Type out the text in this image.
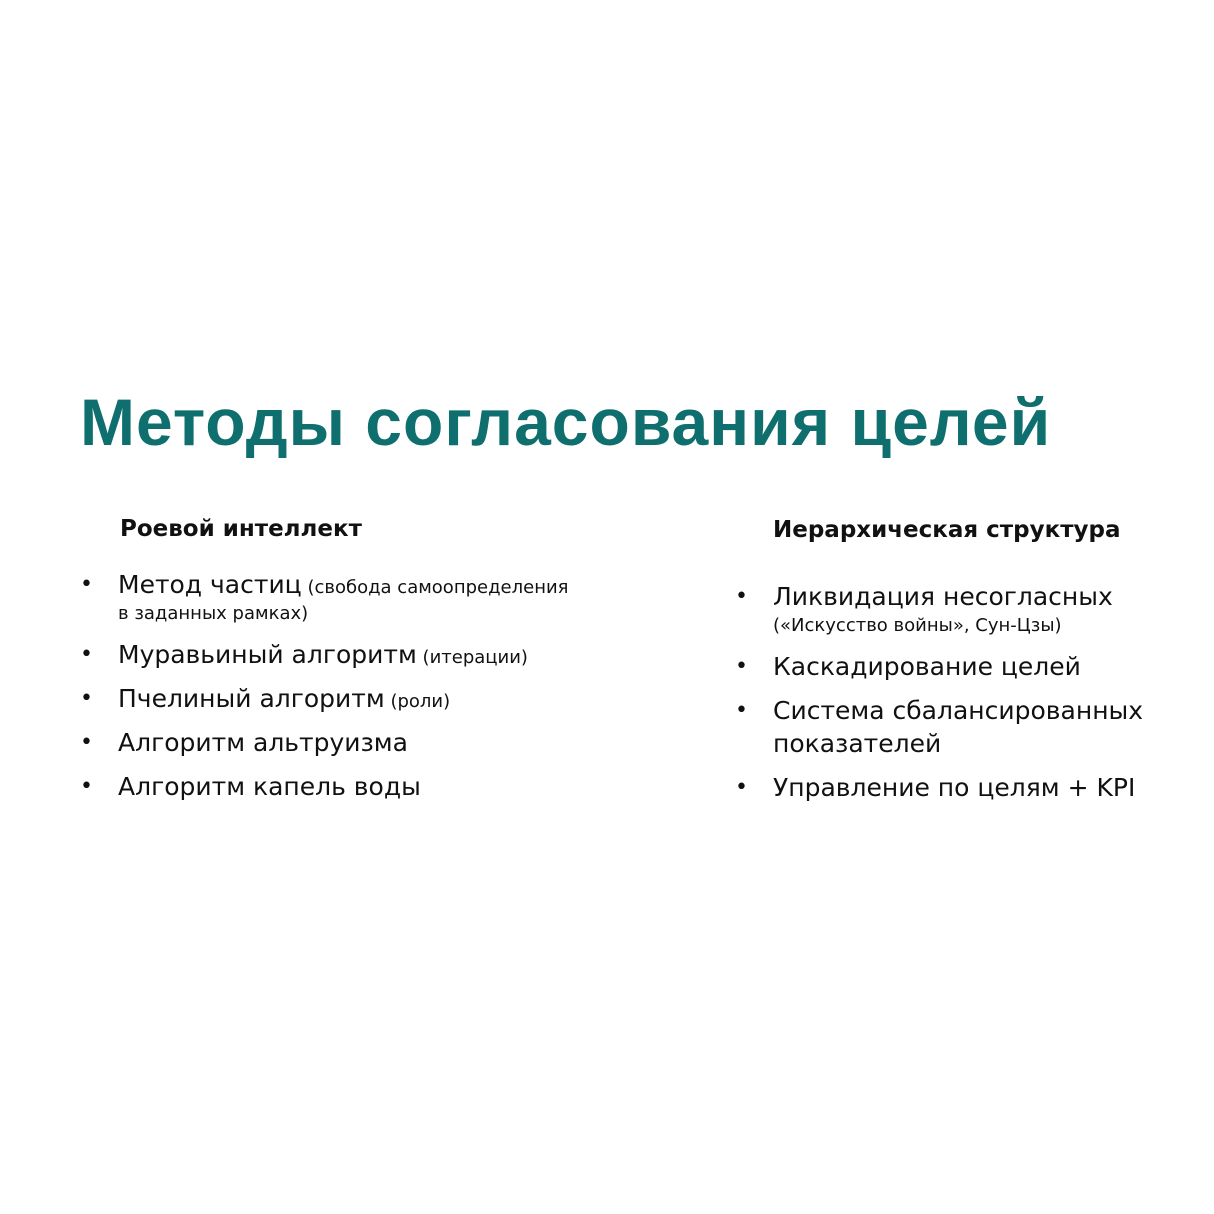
Методы согласования целей
Роевой интеллект
• Метод частиц (свобода самоопределения
в заданных рамках)
• Муравьиный алгоритм (итерации)
• Пчелиный алгоритм (роли)
• Алгоритм альтруизма
• Алгоритм капель воды
Иерархическая структура
• Ликвидация несогласных
(«Искусство войны», Сун-Цзы)
• Каскадирование целей
• Система сбалансированных показателей
• Управление по целям + KPI
